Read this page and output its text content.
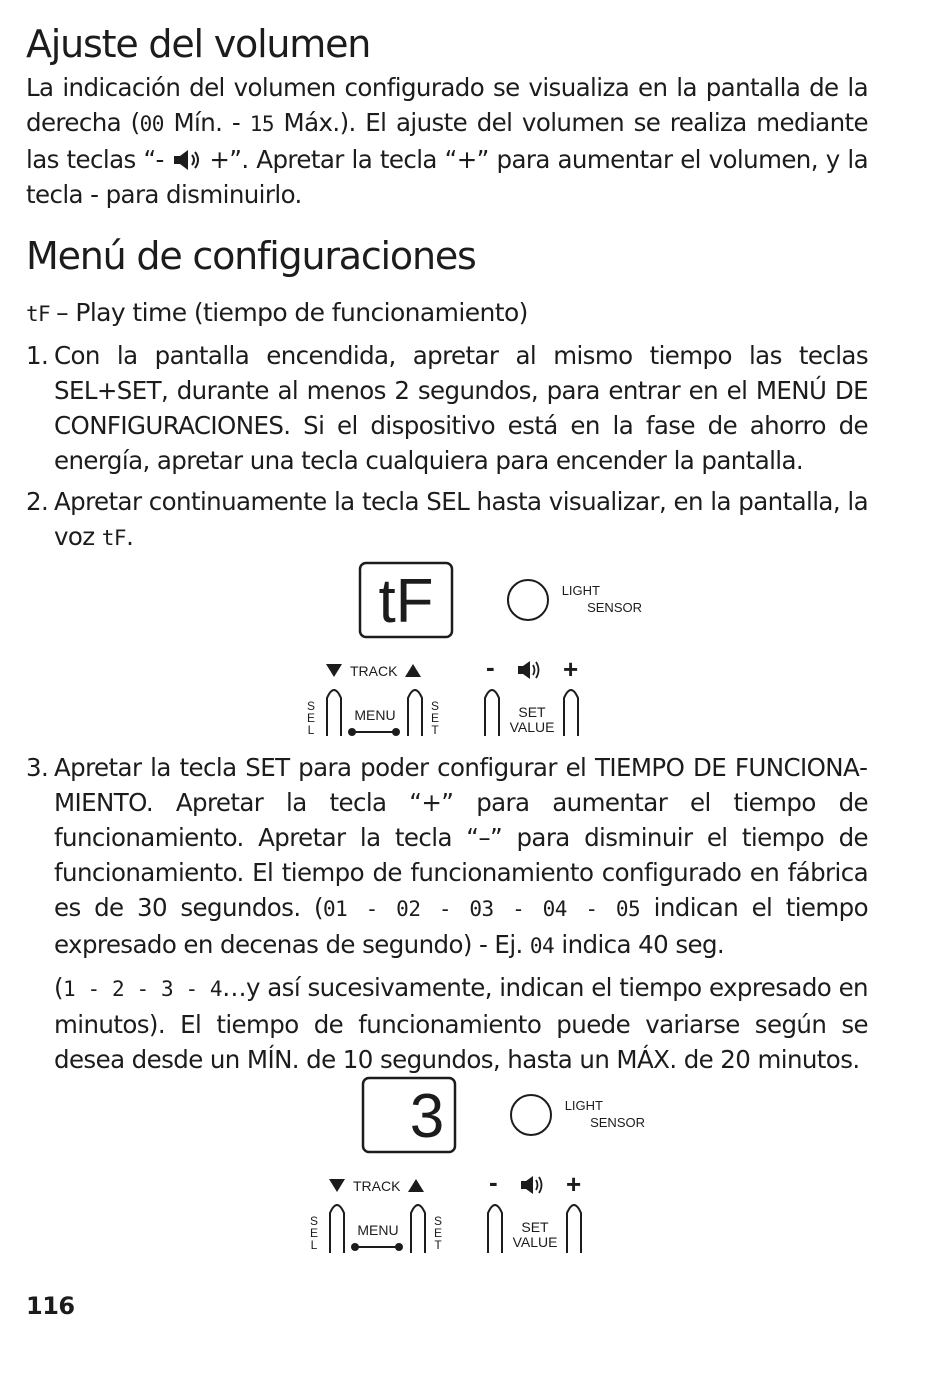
Ajuste del volumen

La indicación del volumen configurado se visualiza en la pantalla de la derecha (00 Mín. - 15 Máx.). El ajuste del volumen se realiza mediante las teclas “-  +”. Apretar la tecla “+” para aumentar el volumen, y la tecla - para disminuirlo.

Menú de configuraciones

tF – Play time (tiempo de funcionamiento)

1. Con la pantalla encendida, apretar al mismo tiempo las teclas SEL+SET, durante al menos 2 segundos, para entrar en el MENÚ DE CONFIGURACIONES. Si el dispositivo está en la fase de ahorro de energía, apretar una tecla cualquiera para encender la pantalla.
2. Apretar continuamente la tecla SEL hasta visualizar, en la pantalla, la voz tF.
tF	LIGHT
SENSOR
TRACK	-	+
S
E
L
MENU
S
E
T
SET
VALUE
3. Apretar la tecla SET para poder configurar el TIEMPO DE FUNCIONAMIENTO. Apretar la tecla “+” para aumentar el tiempo de funcionamiento. Apretar la tecla “–” para disminuir el tiempo de funcionamiento. El tiempo de funcionamiento configurado en fábrica es de 30 segundos. (01 - 02 - 03 - 04 - 05 indican el tiempo expresado en decenas de segundo) - Ej. 04 indica 40 seg.
(1 - 2 - 3 - 4…y así sucesivamente, indican el tiempo expresado en minutos). El tiempo de funcionamiento puede variarse según se desea desde un MÍN. de 10 segundos, hasta un MÁX. de 20 minutos.
3	LIGHT
SENSOR
TRACK	-	+
S
E
L
MENU
S
E
T
SET
VALUE
116
